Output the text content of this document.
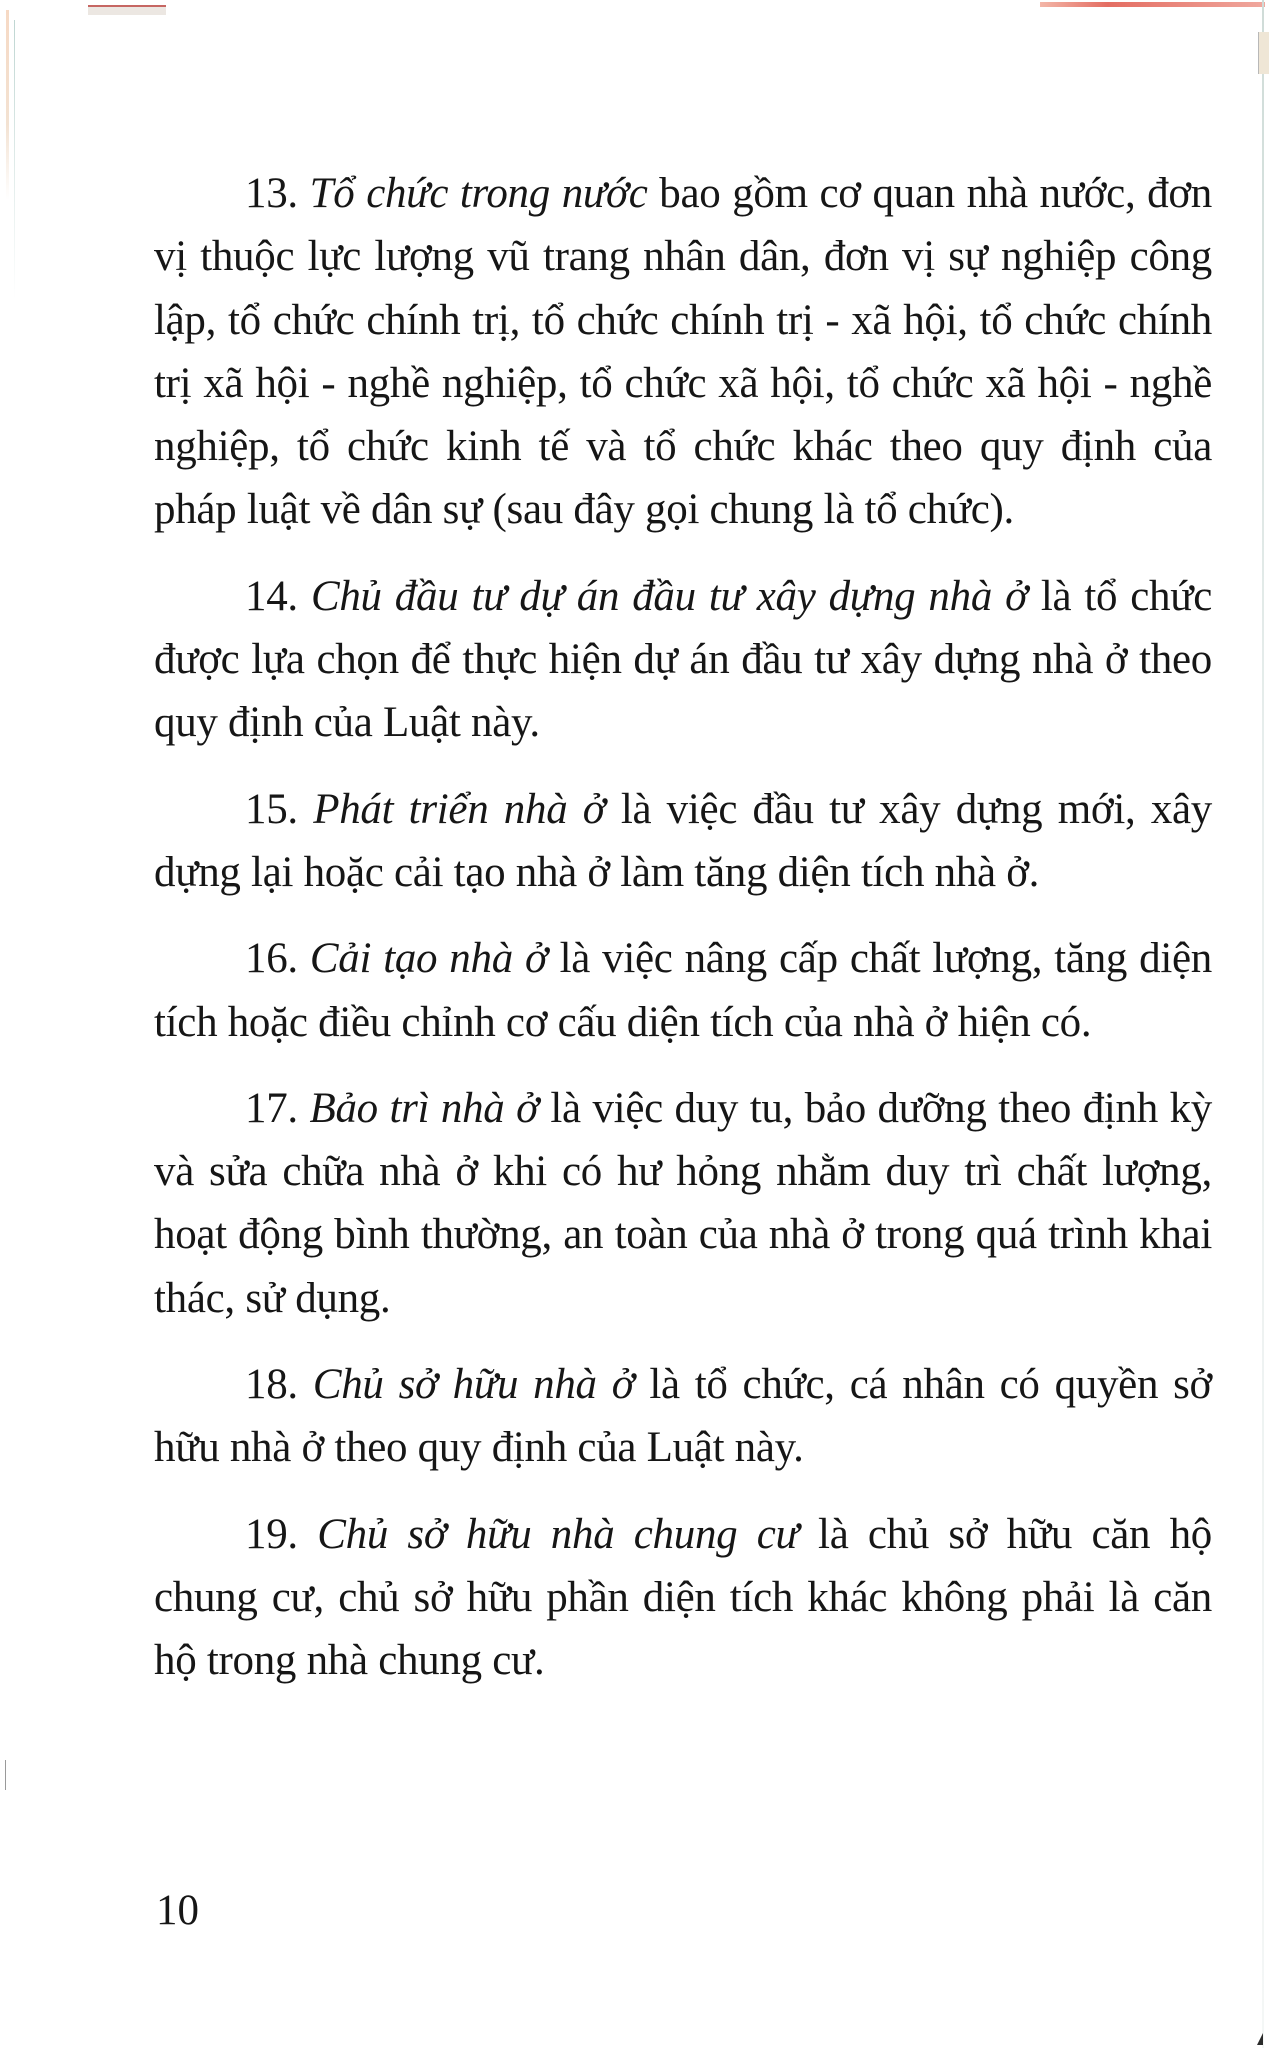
13. Tổ chức trong nước bao gồm cơ quan nhà nước, đơn vị thuộc lực lượng vũ trang nhân dân, đơn vị sự nghiệp công lập, tổ chức chính trị, tổ chức chính trị - xã hội, tổ chức chính trị xã hội - nghề nghiệp, tổ chức xã hội, tổ chức xã hội - nghề nghiệp, tổ chức kinh tế và tổ chức khác theo quy định của pháp luật về dân sự (sau đây gọi chung là tổ chức).

14. Chủ đầu tư dự án đầu tư xây dựng nhà ở là tổ chức được lựa chọn để thực hiện dự án đầu tư xây dựng nhà ở theo quy định của Luật này.

15. Phát triển nhà ở là việc đầu tư xây dựng mới, xây dựng lại hoặc cải tạo nhà ở làm tăng diện tích nhà ở.

16. Cải tạo nhà ở là việc nâng cấp chất lượng, tăng diện tích hoặc điều chỉnh cơ cấu diện tích của nhà ở hiện có.

17. Bảo trì nhà ở là việc duy tu, bảo dưỡng theo định kỳ và sửa chữa nhà ở khi có hư hỏng nhằm duy trì chất lượng, hoạt động bình thường, an toàn của nhà ở trong quá trình khai thác, sử dụng.

18. Chủ sở hữu nhà ở là tổ chức, cá nhân có quyền sở hữu nhà ở theo quy định của Luật này.

19. Chủ sở hữu nhà chung cư là chủ sở hữu căn hộ chung cư, chủ sở hữu phần diện tích khác không phải là căn hộ trong nhà chung cư.

10
